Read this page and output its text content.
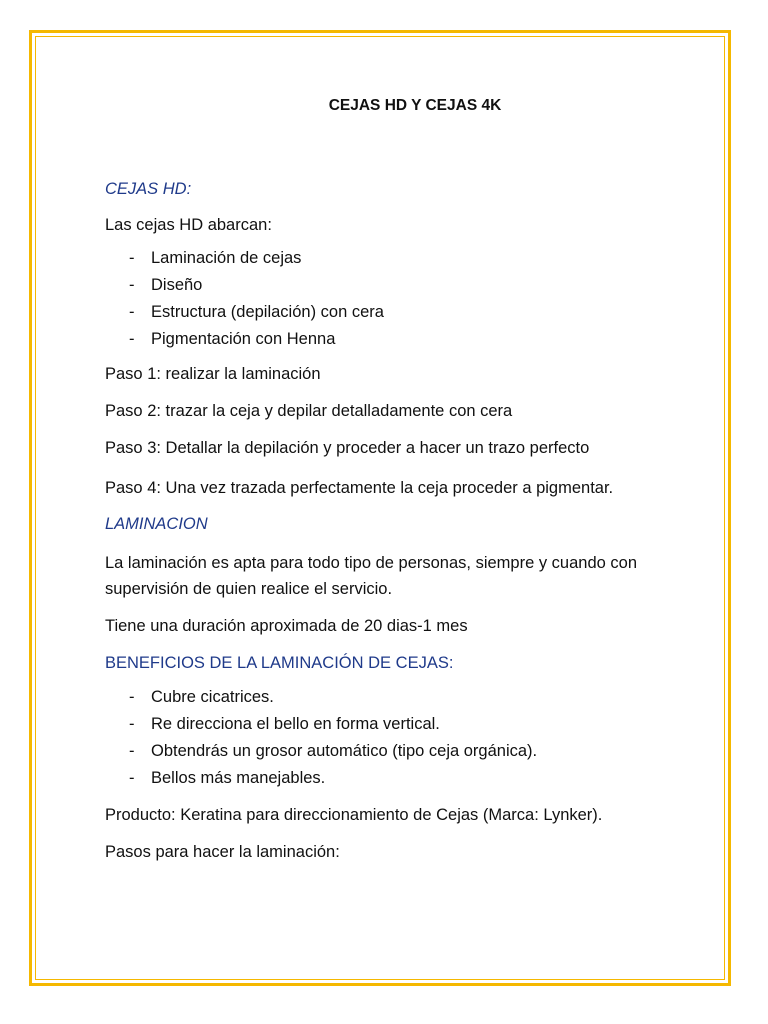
CEJAS HD Y CEJAS 4K

CEJAS HD:

Las cejas HD abarcan:

- Laminación de cejas
- Diseño
- Estructura (depilación) con cera
- Pigmentación con Henna

Paso 1: realizar la laminación

Paso 2: trazar la ceja y depilar detalladamente con cera

Paso 3: Detallar la depilación y proceder a hacer un trazo perfecto

Paso 4: Una vez trazada perfectamente la ceja proceder a pigmentar.

LAMINACION

La laminación es apta para todo tipo de personas, siempre y cuando con supervisión de quien realice el servicio.

Tiene una duración aproximada de 20 dias-1 mes

BENEFICIOS DE LA LAMINACIÓN DE CEJAS:

- Cubre cicatrices.
- Re direcciona el bello en forma vertical.
- Obtendrás un grosor automático (tipo ceja orgánica).
- Bellos más manejables.

Producto: Keratina para direccionamiento de Cejas (Marca: Lynker).

Pasos para hacer la laminación:
